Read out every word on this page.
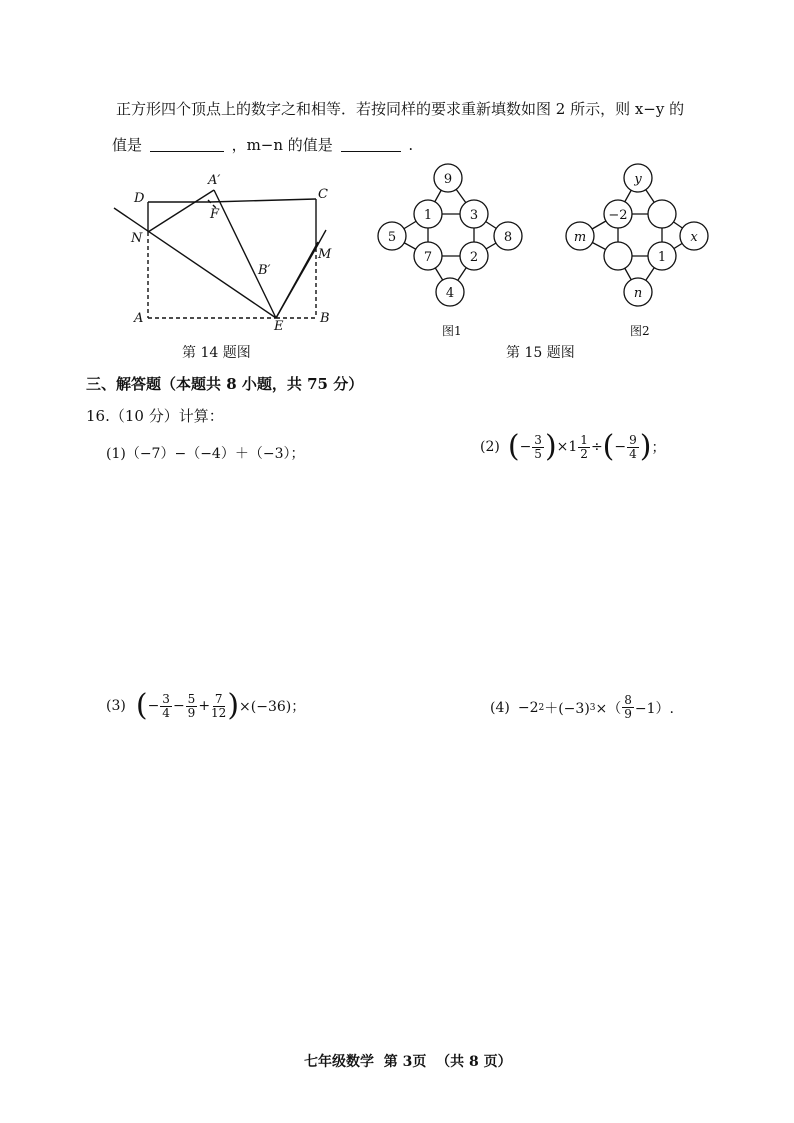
正方形四个顶点上的数字之和相等．若按同样的要求重新填数如图 2 所示，则 x−y 的
值是	，m−n 的值是	.
D
A′
C
F
N
M
B′
A
E
B
第 14 题图
9
1	3
5
7	2
8
4
图1
y
−2
m
1
x
n
图2
第 15 题图
三、解答题（本题共 8 小题，共 75 分）
16.（10 分）计算：
(1)（−7）−（−4）＋（−3）；	(2) ( − $\frac{3}{5}$ ) $\times 1 \frac{1}{2}$ ÷ ( − $\frac{9}{4}$ ) ；
(3) ( − $\frac{3}{4} - \frac{5}{9} + \frac{7}{12}$ ) ×(−36)；	(4) −2 2 ＋(−3) 3 ×（ $\frac{8}{9} -1$）.
七年级数学  第 3页  （共 8 页）
